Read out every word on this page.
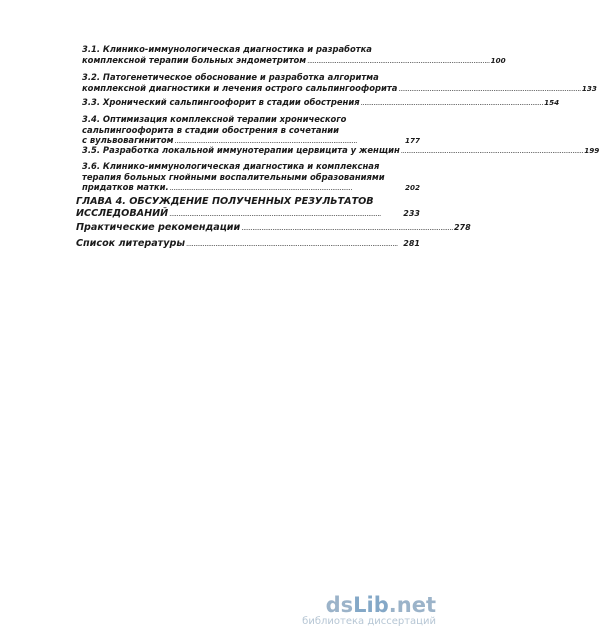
3.1. Клинико-иммунологическая диагностика и разработка
комплексной терапии больных эндометритом .................................................................................................... 100
3.2. Патогенетическое обоснование и разработка алгоритма
комплексной диагностики и лечения острого сальпингоофорита .................................................................................................... 133
3.3. Хронический сальпингоофорит в стадии обострения .................................................................................................... 154
3.4. Оптимизация комплексной терапии хронического
сальпингоофорита в стадии обострения в сочетании
с вульвовагинитом ....................................................................................................	177
3.5. Разработка локальной иммунотерапии цервицита у женщин .................................................................................................... 199
3.6. Клинико-иммунологическая диагностика и комплексная
терапия больных гнойными воспалительными образованиями
придатков матки. ....................................................................................................	202
ГЛАВА 4. ОБСУЖДЕНИЕ ПОЛУЧЕННЫХ РЕЗУЛЬТАТОВ
ИССЛЕДОВАНИЙ ....................................................................................................................	233
Практические рекомендации .................................................................................................................... 278
Список литературы .................................................................................................................... 281
dsLib.net
библиотека диссертаций
